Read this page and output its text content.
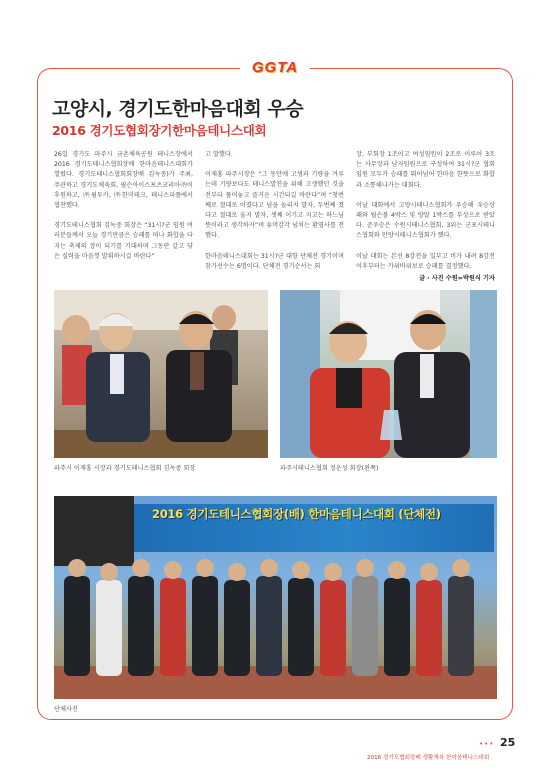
GGTA
고양시, 경기도한마음대회 우승
2016 경기도협회장기한마음테니스대회

26일 경기도 파주시 금촌체육공원 테니스장에서 2016 경기도테니스협회장배 한마음테니스대회가 열렸다. 경기도테니스협회회장배 김녹중)가 주최, 주관하고 경기도체육회, 필슨아이스포츠코리아㈜이 후원하고, ㈜윌투카, ㈜한미테크, 테니스피플에서 협찬했다.

경기도테니스협회 김녹중 회장은 “31시?군 임원 여러분들께서 오늘 경기만큼은 승패를 떠나 화합을 다지는 축제의 장이 되기를 기대하며 그동안 갈고 닦은 실력을 마음껏 발휘하시길 바란다”

고 말했다.

이재홍 파주시장은 “그 동안에 고생과 기량을 겨루는데 기량보다도 테니스발전을 위해 고생했던 것을 전부다 풀어놓고 즐거운 시간되길 바란다”며 “첫번째로 절대로 이겼다고 넘을 놀리지 말자, 두번째 졌다고 절대로 울지 말자, 셋째 이기고 지고는 하느님 뜻이라고 생각하자”며 유머감각 넘치는 환영사를 전했다.

한마음테니스대회는 31시?군 대항 단체전 경기이며 참가선수는 6명이다. 단체전 경기순서는 회

장, 부회장 1조이고 여성임원이 2조로 이루어 3조는 사무장과 남자임원으로 구성하여 31시?군 협회임원 모두가 승패를 뛰어넘어 한마음 한뜻으로 화합과 소통해나가는 대회다.

이날 대회에서 고양시테니스협회가 우승해 우승상패와 월슨볼 4박스 및 양말 1박스를 부상으로 받았다. 준우승은 수원시테니스협회, 3위는 군포시테니스협회와 안양시테니스협회가 했다.

이날 대회는 본선 8강전을 일부고 비가 내려 8강전 이후부터는 가위바위보로 승패를 결정했다.

글 · 사진 수원=박원식 기자
파주시 이재홍 시장과 경기도테니스협회 김녹중 회장	파주시테니스협회 정운성 회장(왼쪽)
2016 경기도테니스협회장(배) 한마음테니스대회 (단체전)
단체사진
••• 25
2016 경기도협회장배 생활체육 한마음테니스대회
